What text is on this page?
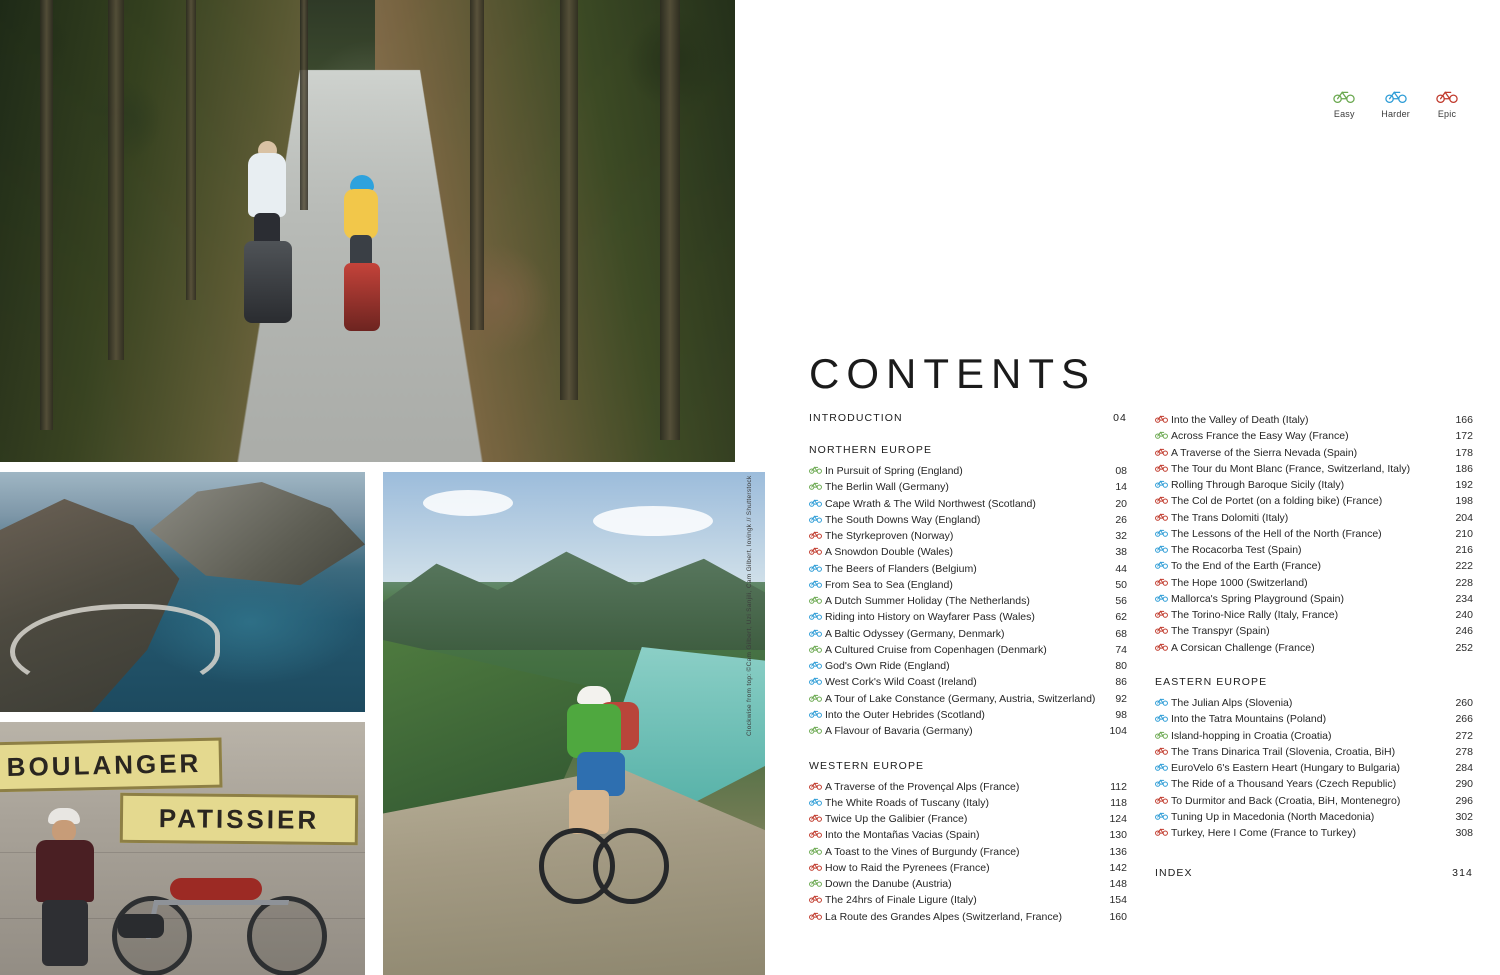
BOULANGER
PATISSIER
Clockwise from top: ©Cam Gilbert, Uzi Sanjili, Cam Gilbert, lovingk // Shutterstock
Easy	Harder	Epic
CONTENTS
INTRODUCTION	04
NORTHERN EUROPE
In Pursuit of Spring (England)	08
The Berlin Wall (Germany)	14
Cape Wrath & The Wild Northwest (Scotland)	20
The South Downs Way (England)	26
The Styrkeproven (Norway)	32
A Snowdon Double (Wales)	38
The Beers of Flanders (Belgium)	44
From Sea to Sea (England)	50
A Dutch Summer Holiday (The Netherlands)	56
Riding into History on Wayfarer Pass (Wales)	62
A Baltic Odyssey (Germany, Denmark)	68
A Cultured Cruise from Copenhagen (Denmark)	74
God's Own Ride (England)	80
West Cork's Wild Coast (Ireland)	86
A Tour of Lake Constance (Germany, Austria, Switzerland)	92
Into the Outer Hebrides (Scotland)	98
A Flavour of Bavaria (Germany)	104
WESTERN EUROPE
A Traverse of the Provençal Alps (France)	112
The White Roads of Tuscany (Italy)	118
Twice Up the Galibier (France)	124
Into the Montañas Vacias (Spain)	130
A Toast to the Vines of Burgundy (France)	136
How to Raid the Pyrenees (France)	142
Down the Danube (Austria)	148
The 24hrs of Finale Ligure (Italy)	154
La Route des Grandes Alpes (Switzerland, France)	160
Into the Valley of Death (Italy)	166
Across France the Easy Way (France)	172
A Traverse of the Sierra Nevada (Spain)	178
The Tour du Mont Blanc (France, Switzerland, Italy)	186
Rolling Through Baroque Sicily (Italy)	192
The Col de Portet (on a folding bike) (France)	198
The Trans Dolomiti (Italy)	204
The Lessons of the Hell of the North (France)	210
The Rocacorba Test (Spain)	216
To the End of the Earth (France)	222
The Hope 1000 (Switzerland)	228
Mallorca's Spring Playground (Spain)	234
The Torino-Nice Rally (Italy, France)	240
The Transpyr (Spain)	246
A Corsican Challenge (France)	252
EASTERN EUROPE
The Julian Alps (Slovenia)	260
Into the Tatra Mountains (Poland)	266
Island-hopping in Croatia (Croatia)	272
The Trans Dinarica Trail (Slovenia, Croatia, BiH)	278
EuroVelo 6's Eastern Heart (Hungary to Bulgaria)	284
The Ride of a Thousand Years (Czech Republic)	290
To Durmitor and Back (Croatia, BiH, Montenegro)	296
Tuning Up in Macedonia (North Macedonia)	302
Turkey, Here I Come (France to Turkey)	308
INDEX	314
